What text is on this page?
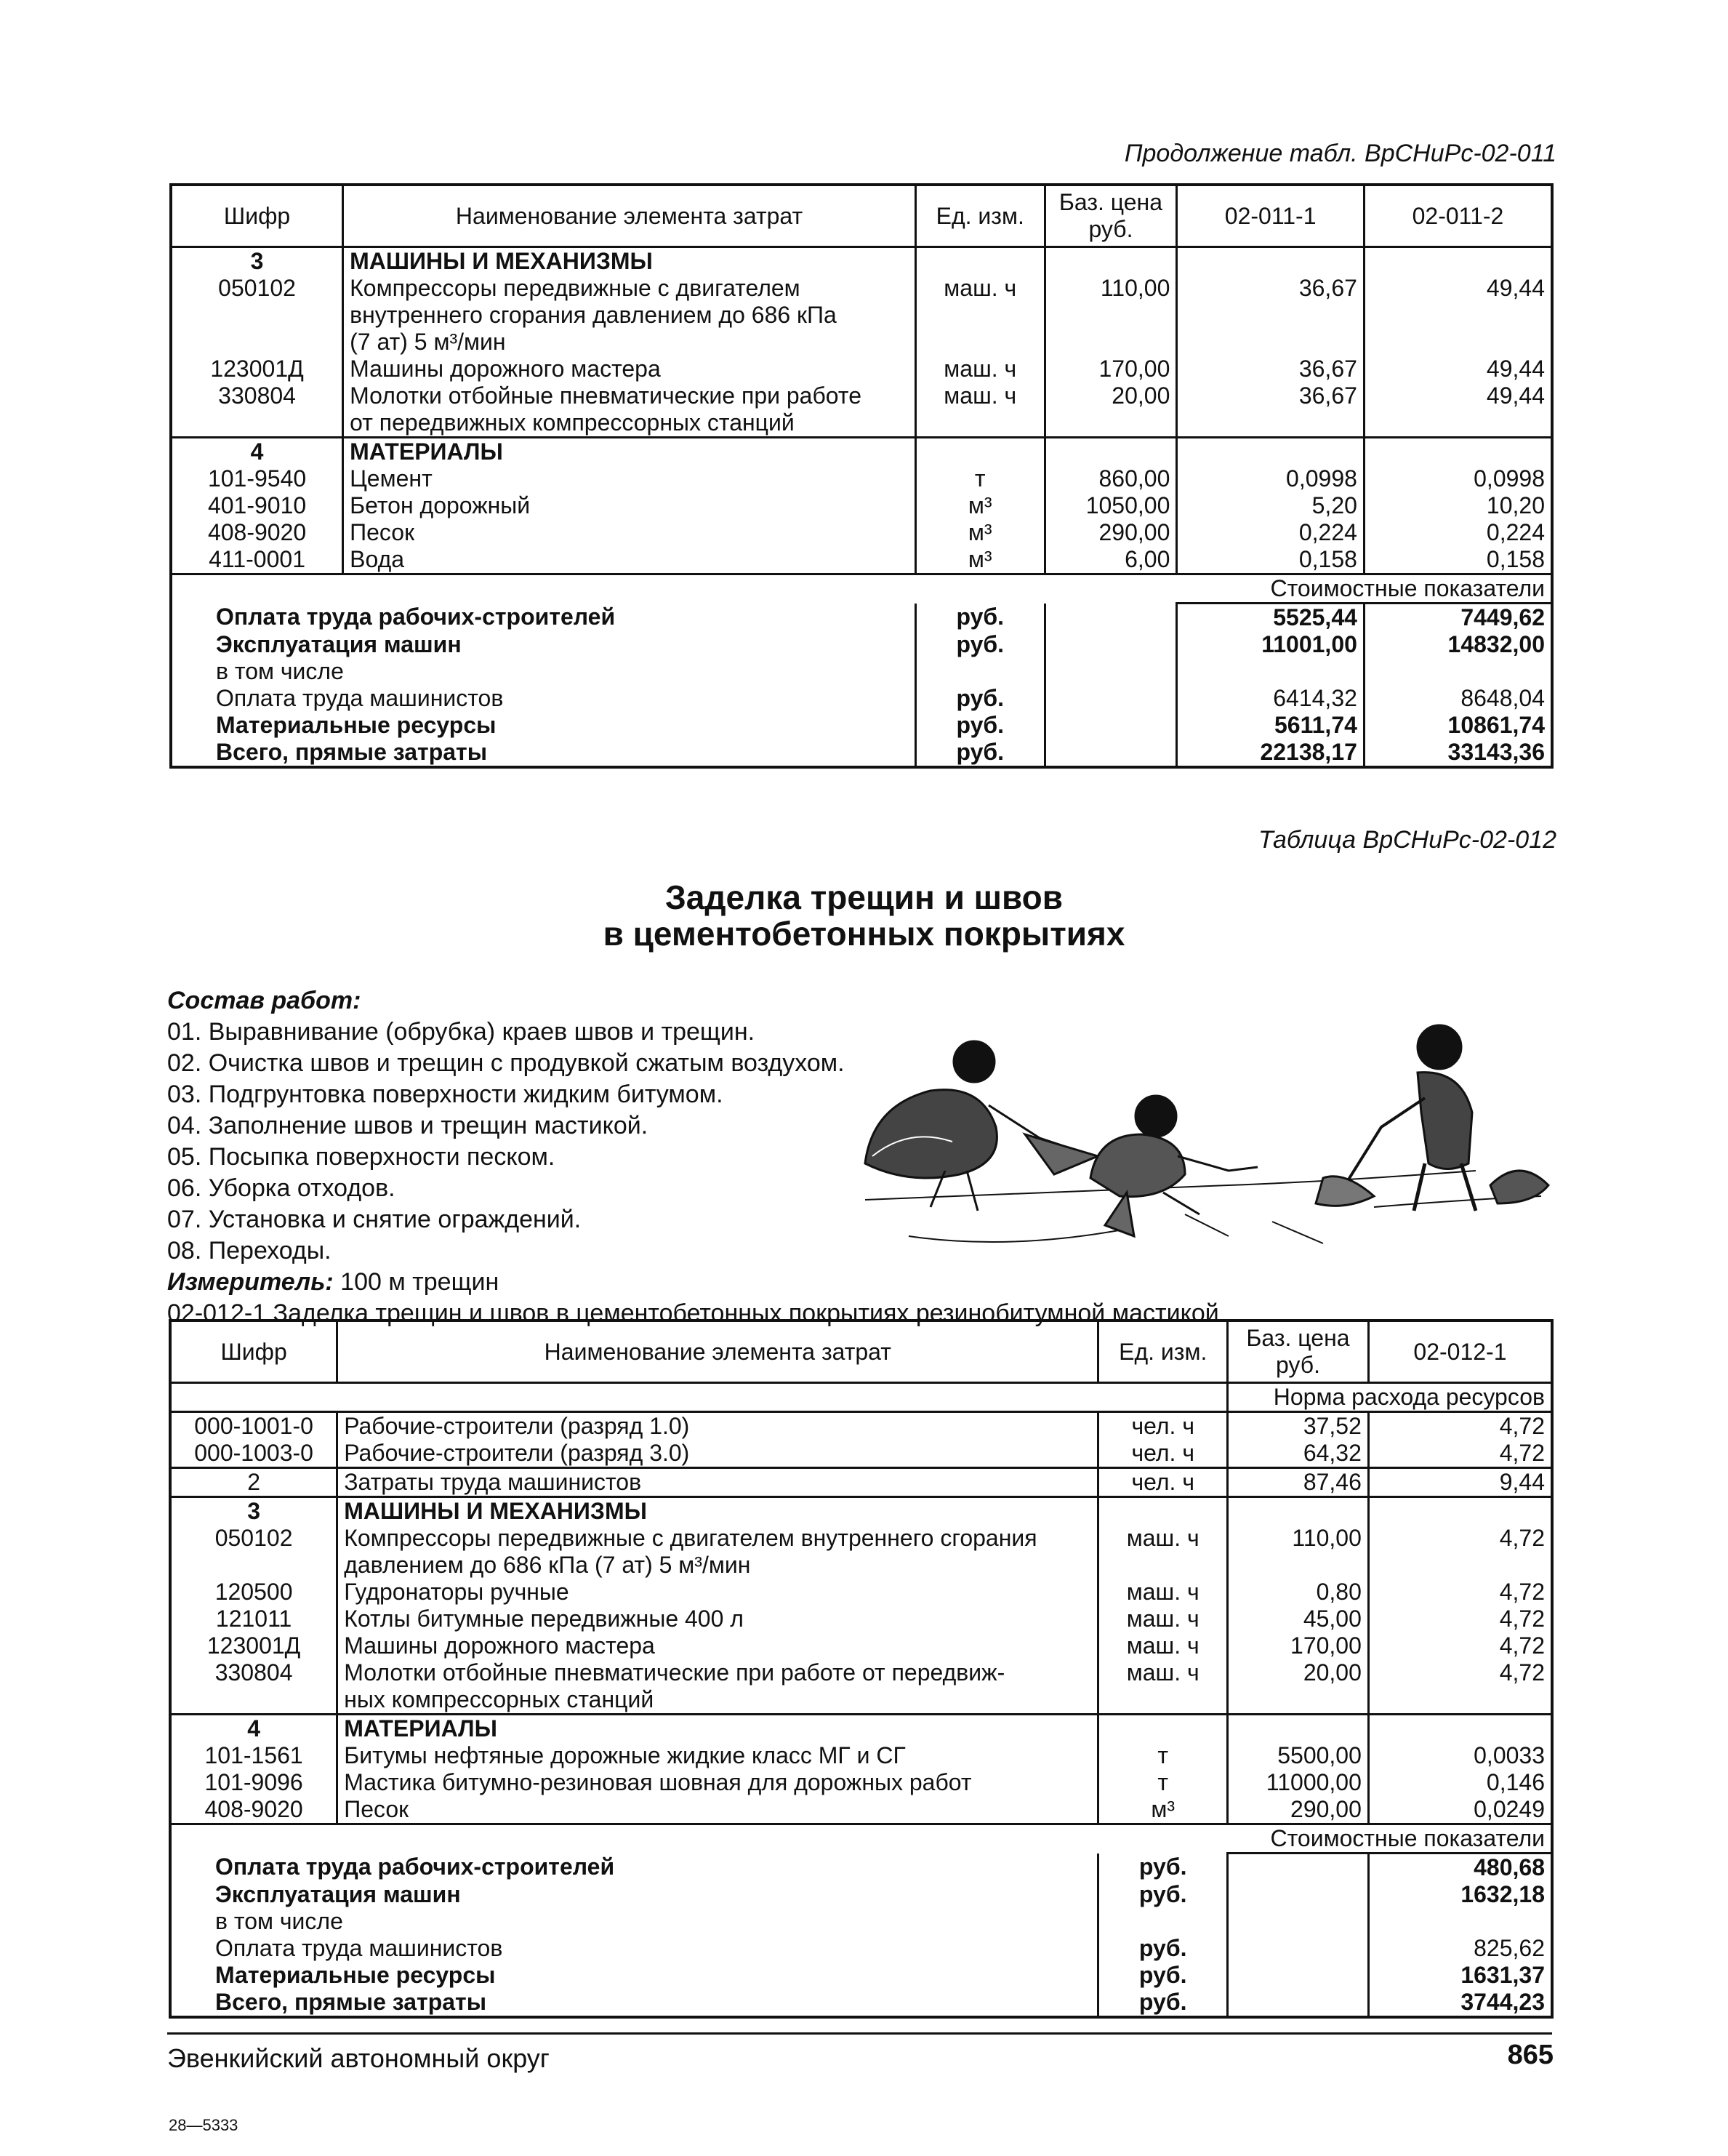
Продолжение табл. ВрСНиРс-02-011
Шифр	Наименование элемента затрат	Ед. изм.	Баз. цена руб.	02-011-1	02-011-2
3	МАШИНЫ И МЕХАНИЗМЫ				
050102	Компрессоры передвижные с двигателем
внутреннего сгорания давлением до 686 кПа
(7 ат) 5 м³/мин	маш. ч	110,00	36,67	49,44
123001Д	Машины дорожного мастера	маш. ч	170,00	36,67	49,44
330804	Молотки отбойные пневматические при работе
от передвижных компрессорных станций	маш. ч	20,00	36,67	49,44
4	МАТЕРИАЛЫ				
101-9540	Цемент	т	860,00	0,0998	0,0998
401-9010	Бетон дорожный	м³	1050,00	5,20	10,20
408-9020	Песок	м³	290,00	0,224	0,224
411-0001	Вода	м³	6,00	0,158	0,158
				Стоимостные показатели	
Оплата труда рабочих-строителей		руб.		5525,44	7449,62
Эксплуатация машин		руб.		11001,00	14832,00
в том числе					
Оплата труда машинистов		руб.		6414,32	8648,04
Материальные ресурсы		руб.		5611,74	10861,74
Всего, прямые затраты		руб.		22138,17	33143,36
Таблица ВрСНиРс-02-012
Заделка трещин и швов
в цементобетонных покрытиях
Состав работ:
01. Выравнивание (обрубка) краев швов и трещин.
02. Очистка швов и трещин с продувкой сжатым воздухом.
03. Подгрунтовка поверхности жидким битумом.
04. Заполнение швов и трещин мастикой.
05. Посыпка поверхности песком.
06. Уборка отходов.
07. Установка и снятие ограждений.
08. Переходы.
Измеритель: 100 м трещин
02-012-1 Заделка трещин и швов в цементобетонных покрытиях резинобитумной мастикой
Шифр	Наименование элемента затрат	Ед. изм.	Баз. цена руб.	02-012-1
			Норма расхода ресурсов	
000-1001-0	Рабочие-строители (разряд 1.0)	чел. ч	37,52	4,72
000-1003-0	Рабочие-строители (разряд 3.0)	чел. ч	64,32	4,72
2	Затраты труда машинистов	чел. ч	87,46	9,44
3	МАШИНЫ И МЕХАНИЗМЫ			
050102	Компрессоры передвижные с двигателем внутреннего сгорания
давлением до 686 кПа (7 ат) 5 м³/мин	маш. ч	110,00	4,72
120500	Гудронаторы ручные	маш. ч	0,80	4,72
121011	Котлы битумные передвижные 400 л	маш. ч	45,00	4,72
123001Д	Машины дорожного мастера	маш. ч	170,00	4,72
330804	Молотки отбойные пневматические при работе от передвиж-
ных компрессорных станций	маш. ч	20,00	4,72
4	МАТЕРИАЛЫ			
101-1561	Битумы нефтяные дорожные жидкие класс МГ и СГ	т	5500,00	0,0033
101-9096	Мастика битумно-резиновая шовная для дорожных работ	т	11000,00	0,146
408-9020	Песок	м³	290,00	0,0249
			Стоимостные показатели	
Оплата труда рабочих-строителей		руб.		480,68
Эксплуатация машин		руб.		1632,18
в том числе				
Оплата труда машинистов		руб.		825,62
Материальные ресурсы		руб.		1631,37
Всего, прямые затраты		руб.		3744,23
Эвенкийский автономный округ	865
28—5333
